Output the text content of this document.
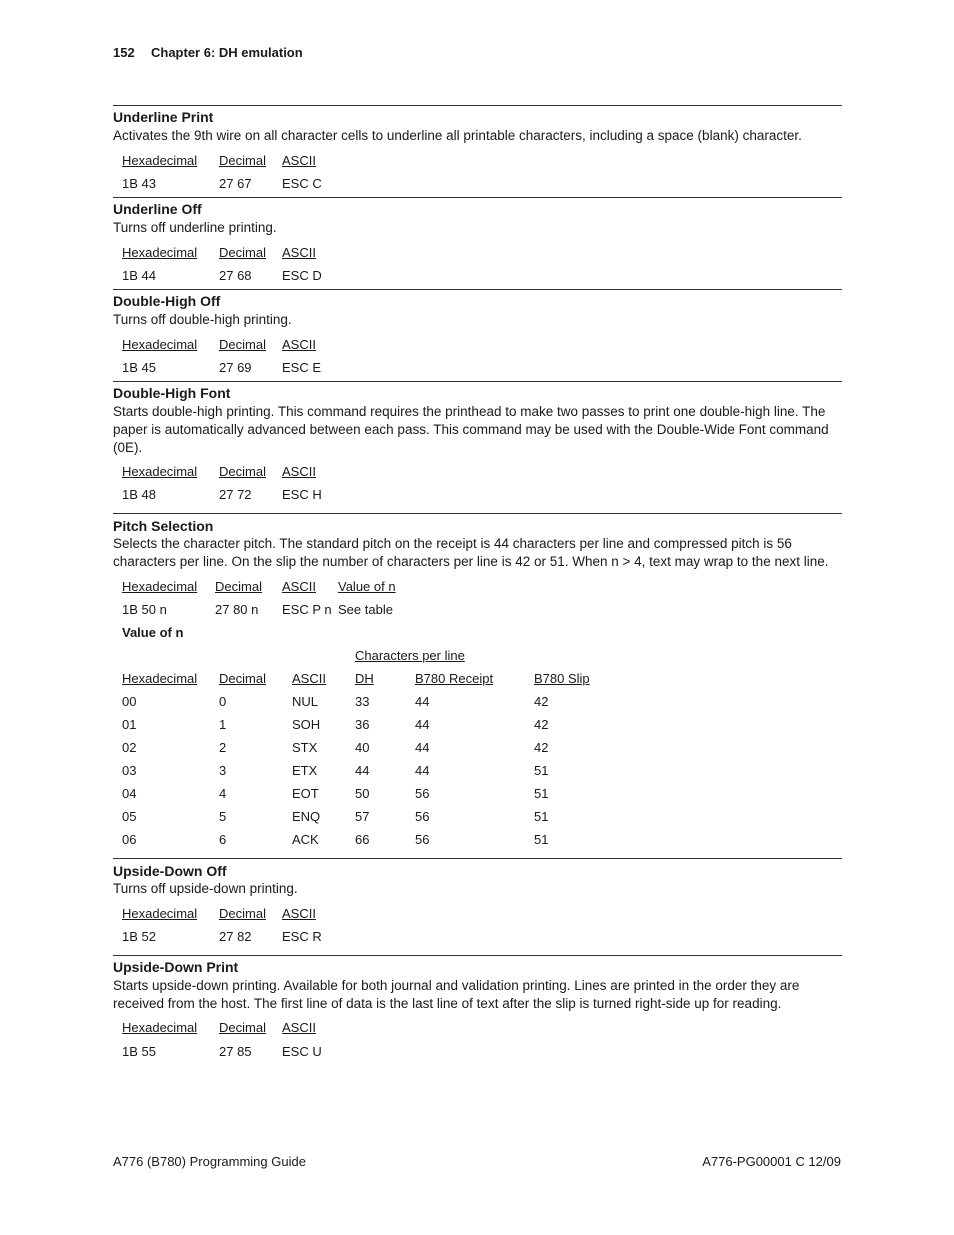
152 Chapter 6: DH emulation
Underline Print
Activates the 9th wire on all character cells to underline all printable characters, including a space (blank) character.
Hexadecimal Decimal ASCII
1B 43	27 67 ESC C
Underline Off
Turns off underline printing.
Hexadecimal Decimal ASCII
1B 44	27 68 ESC D
Double-High Off
Turns off double-high printing.
Hexadecimal Decimal ASCII
1B 45	27 69 ESC E
Double-High Font
Starts double-high printing. This command requires the printhead to make two passes to print one double-high line. The paper is automatically advanced between each pass. This command may be used with the Double-Wide Font command (0E).
Hexadecimal Decimal ASCII
1B 48	27 72 ESC H
Pitch Selection
Selects the character pitch. The standard pitch on the receipt is 44 characters per line and compressed pitch is 56 characters per line. On the slip the number of characters per line is 42 or 51. When n > 4, text may wrap to the next line.
Hexadecimal Decimal ASCII Value of n
1B 50 n	27 80 n ESC P n See table
Value of n
Characters per line
Hexadecimal Decimal ASCII DH	B780 Receipt	B780 Slip
00	0	NUL	33	44	42
01	1	SOH	36	44	42
02	2	STX	40	44	42
03	3	ETX	44	44	51
04	4	EOT	50	56	51
05	5	ENQ	57	56	51
06	6	ACK	66	56	51
Upside-Down Off
Turns off upside-down printing.
Hexadecimal Decimal ASCII
1B 52	27 82 ESC R
Upside-Down Print
Starts upside-down printing. Available for both journal and validation printing. Lines are printed in the order they are received from the host. The first line of data is the last line of text after the slip is turned right-side up for reading.
Hexadecimal Decimal ASCII
1B 55	27 85 ESC U
A776 (B780) Programming Guide	A776-PG00001 C 12/09
